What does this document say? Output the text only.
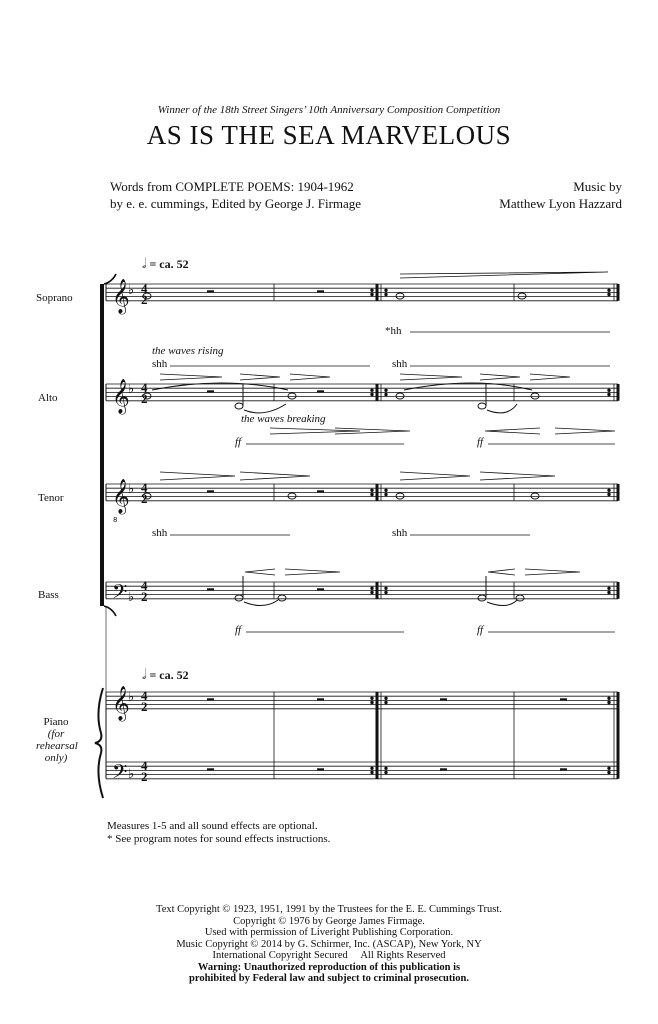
Winner of the 18th Street Singers’ 10th Anniversary Composition Competition
AS IS THE SEA MARVELOUS
Words from COMPLETE POEMS: 1904-1962
by e. e. cummings, Edited by George J. Firmage
Music by
Matthew Lyon Hazzard
𝅗𝅥 = ca. 52
𝅗𝅥 = ca. 52
Soprano
Alto
Tenor
Bass
Piano
(for
rehearsal
only)
*hh
the waves rising
shh	shh
the waves breaking
ff	ff
shh	shh
ff	ff
4
2
4
2
4
2
4
2
4
2
4
2
𝄞
𝄞
𝄞
8
𝄢
𝄞
𝄢
♭
♭
♭
♭
♭
♭
Measures 1-5 and all sound effects are optional.
* See program notes for sound effects instructions.
Text Copyright © 1923, 1951, 1991 by the Trustees for the E. E. Cummings Trust.
Copyright © 1976 by George James Firmage.
Used with permission of Liveright Publishing Corporation.
Music Copyright © 2014 by G. Schirmer, Inc. (ASCAP), New York, NY
International Copyright Secured     All Rights Reserved
Warning: Unauthorized reproduction of this publication is
prohibited by Federal law and subject to criminal prosecution.
